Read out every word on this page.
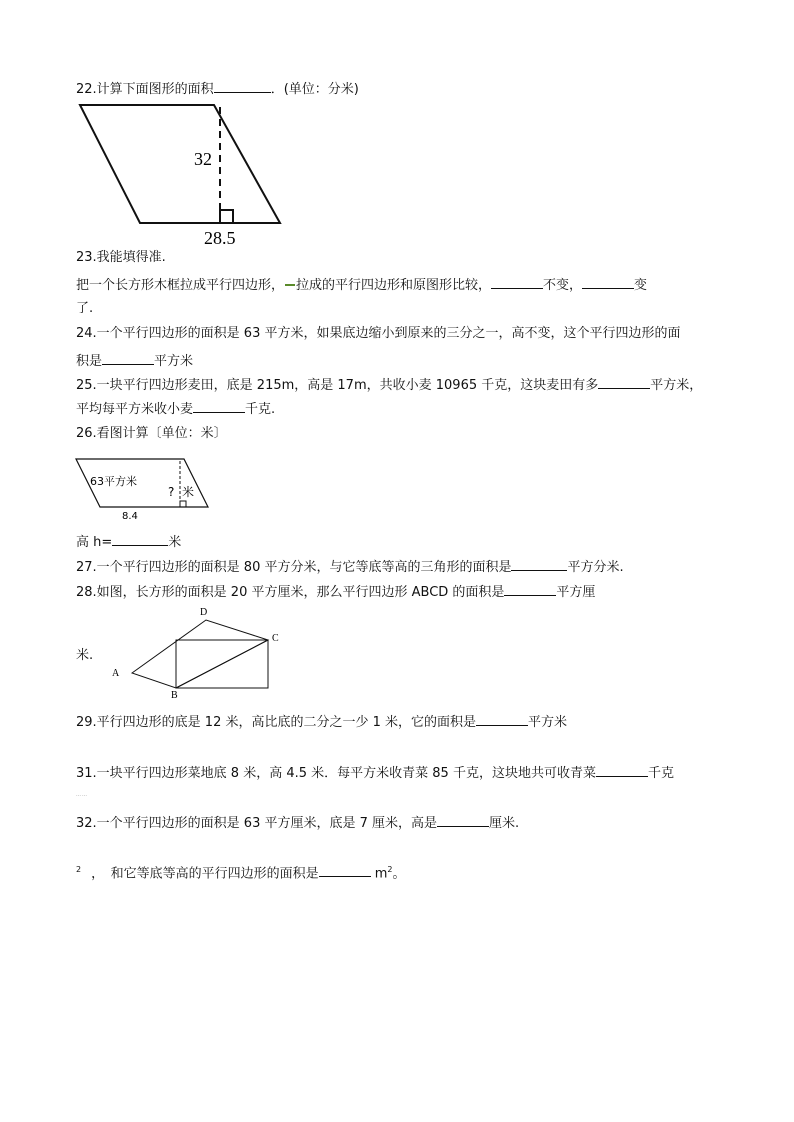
22.计算下面图形的面积	．(单位：分米)
32
28.5
23.我能填得准.
把一个长方形木框拉成平行四边形， 拉成的平行四边形和原图形比较，	不变，	变
了.
24.一个平行四边形的面积是 63 平方米，如果底边缩小到原来的三分之一，高不变，这个平行四边形的面
积是	平方米
25.一块平行四边形麦田，底是 215m，高是 17m，共收小麦 10965 千克，这块麦田有多	平方米，
平均每平方米收小麦	千克.
26.看图计算〔单位：米〕
63平方米
? 米
8.4
高 h=	米
27.一个平行四边形的面积是 80 平方分米，与它等底等高的三角形的面积是	平方分米.
28.如图，长方形的面积是 20 平方厘米，那么平行四边形 ABCD 的面积是	平方厘
米.
A
B
C
D
29.平行四边形的底是 12 米，高比底的二分之一少 1 米，它的面积是	平方米
31.一块平行四边形菜地底 8 米，高 4.5 米．每平方米收青菜 85 千克，这块地共可收青菜	千克
……
32.一个平行四边形的面积是 63 平方厘米，底是 7 厘米，高是	厘米.
$^2$ ，　和它等底等高的平行四边形的面积是	$m^2$。
